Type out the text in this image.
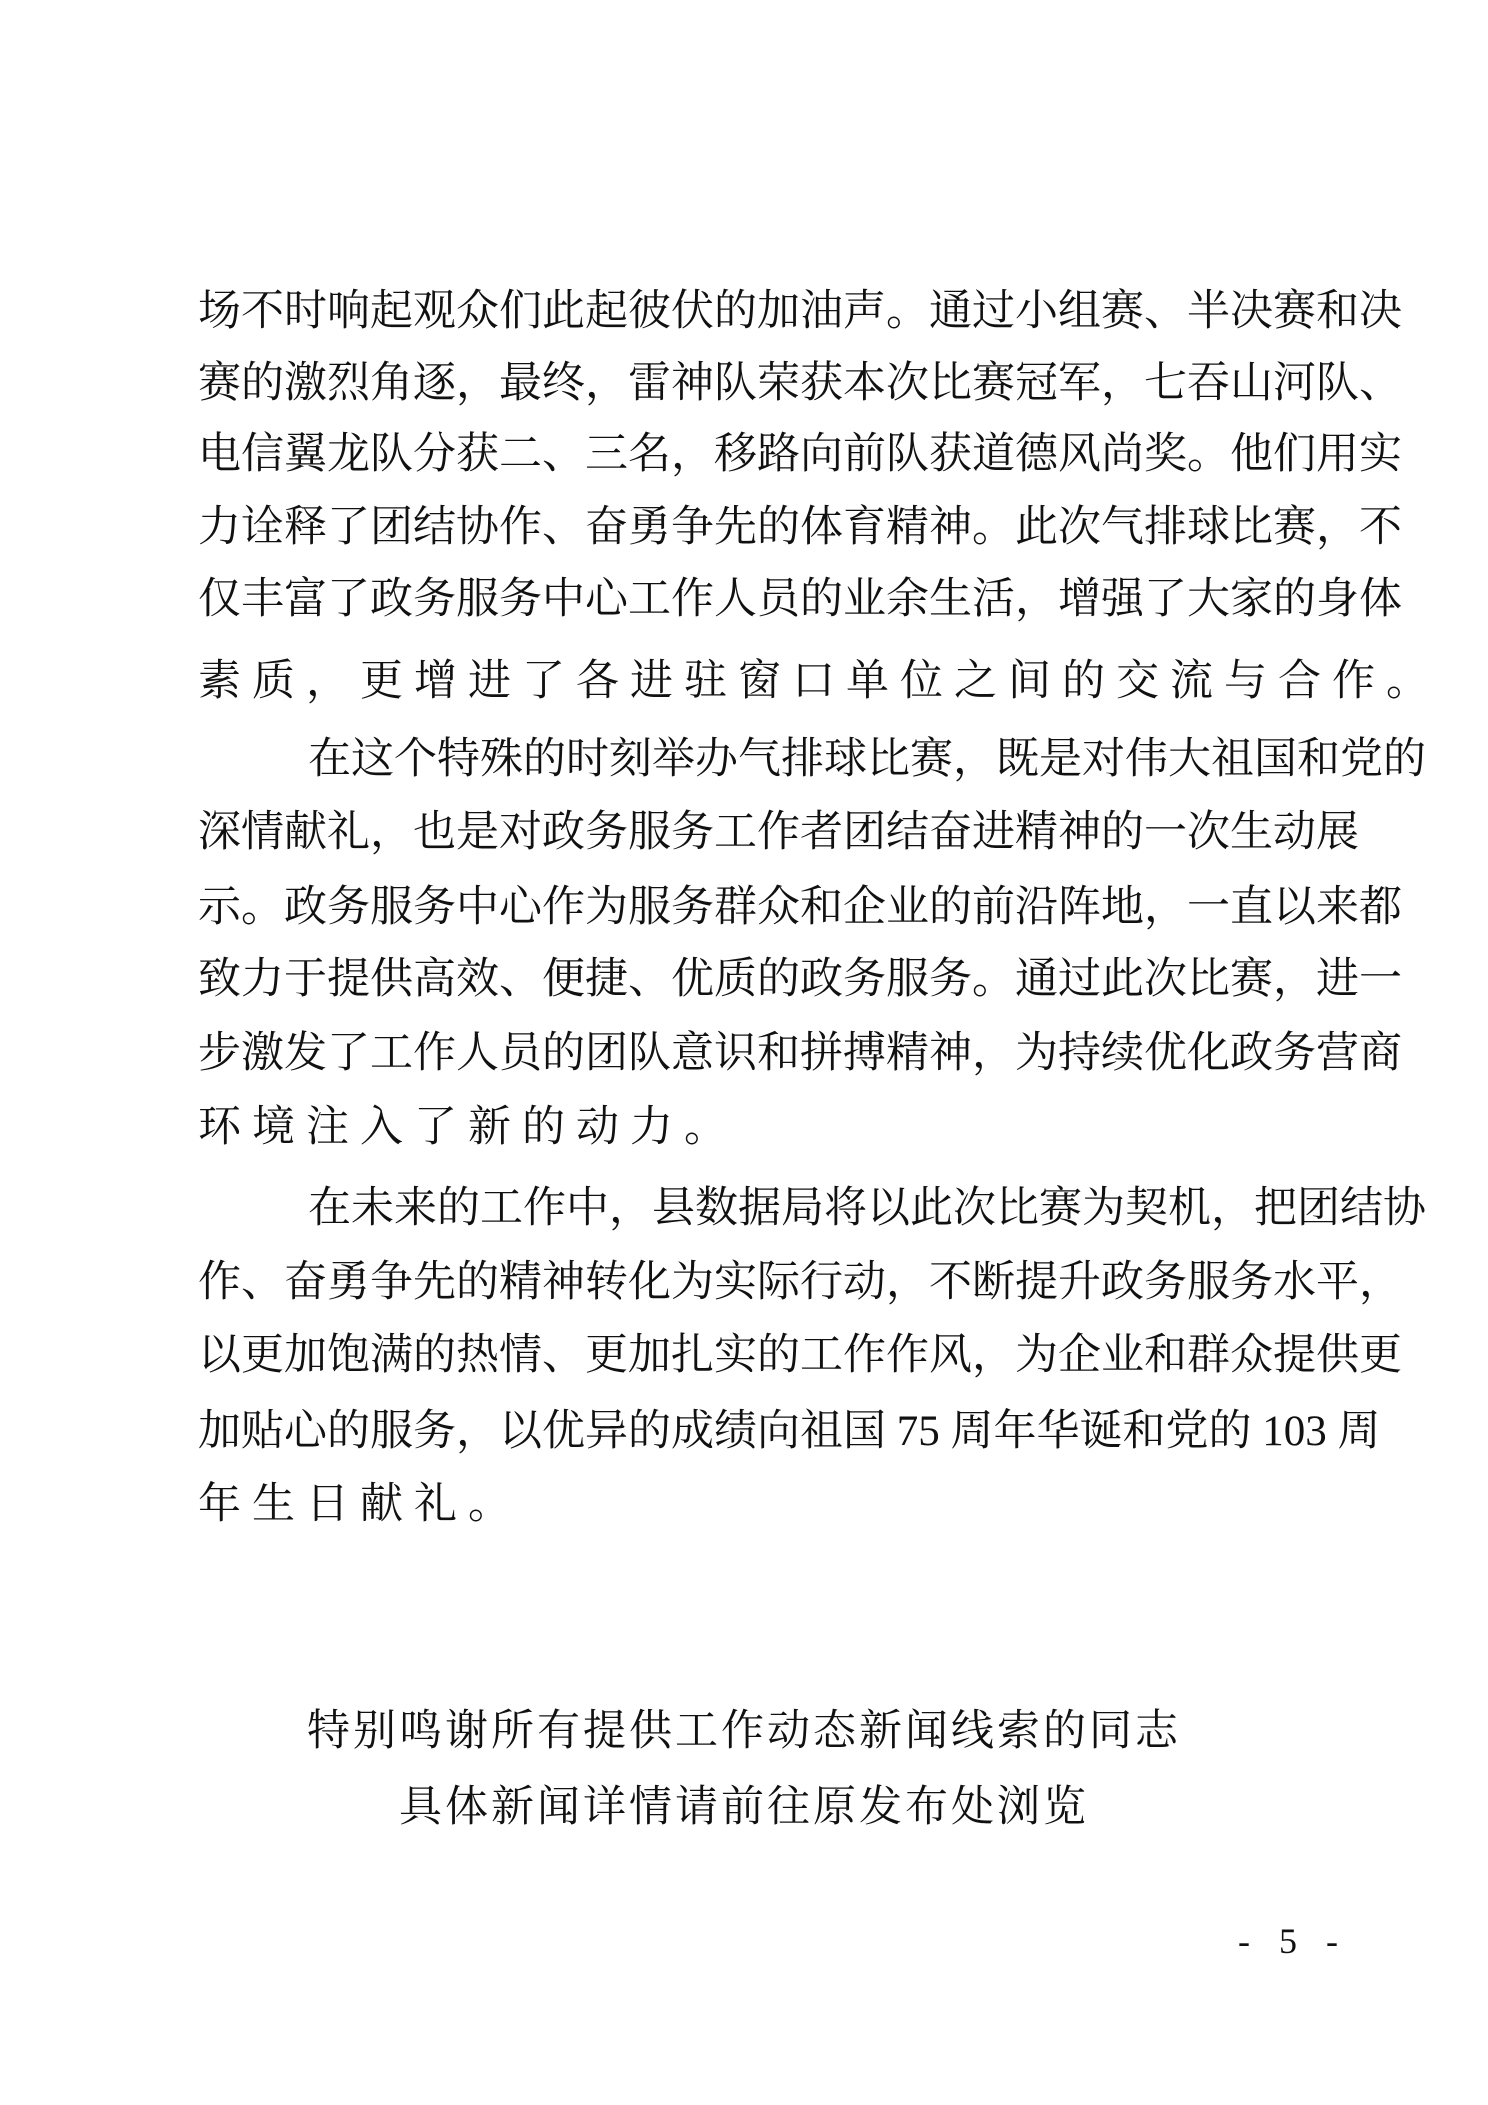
场不时响起观众们此起彼伏的加油声。通过小组赛、半决赛和决
赛的激烈角逐，最终，雷神队荣获本次比赛冠军，七吞山河队、
电信翼龙队分获二、三名，移路向前队获道德风尚奖。他们用实
力诠释了团结协作、奋勇争先的体育精神。此次气排球比赛，不
仅丰富了政务服务中心工作人员的业余生活，增强了大家的身体
素质，更增进了各进驻窗口单位之间的交流与合作。
在这个特殊的时刻举办气排球比赛，既是对伟大祖国和党的
深情献礼，也是对政务服务工作者团结奋进精神的一次生动展
示。政务服务中心作为服务群众和企业的前沿阵地，一直以来都
致力于提供高效、便捷、优质的政务服务。通过此次比赛，进一
步激发了工作人员的团队意识和拼搏精神，为持续优化政务营商
环境注入了新的动力。
在未来的工作中，县数据局将以此次比赛为契机，把团结协
作、奋勇争先的精神转化为实际行动，不断提升政务服务水平，
以更加饱满的热情、更加扎实的工作作风，为企业和群众提供更
加贴心的服务，以优异的成绩向祖国 75 周年华诞和党的 103 周
年生日献礼。
特别鸣谢所有提供工作动态新闻线索的同志
具体新闻详情请前往原发布处浏览
- 5 -
